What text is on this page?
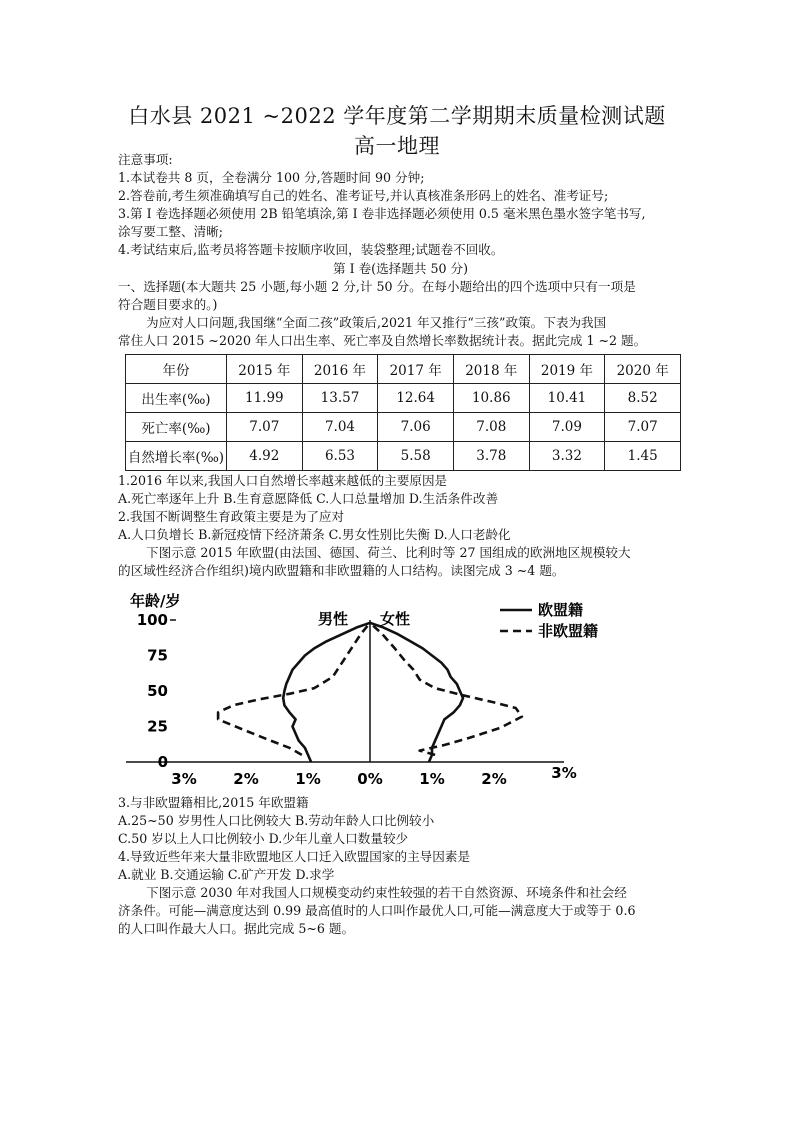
白水县 2021 ~2022 学年度第二学期期末质量检测试题
高一地理
注意事项:
1.本试卷共 8 页，全卷满分 100 分,答题时间 90 分钟;
2.答卷前,考生须准确填写自己的姓名、准考证号,并认真核准条形码上的姓名、准考证号;
3.第 Ⅰ 卷选择题必须使用 2B 铅笔填涂,第 Ⅰ 卷非选择题必须使用 0.5 毫米黑色墨水签字笔书写,
涂写要工整、清晰;
4.考试结束后,监考员将答题卡按顺序收回，装袋整理;试题卷不回收。
第 Ⅰ 卷(选择题共 50 分)
一、选择题(本大题共 25 小题,每小题 2 分,计 50 分。在每小题给出的四个选项中只有一项是
符合题目要求的。)
为应对人口问题,我国继“全面二孩”政策后,2021 年又推行“三孩”政策。下表为我国
常住人口 2015 ~2020 年人口出生率、死亡率及自然增长率数据统计表。据此完成 1 ~2 题。
年份	2015 年	2016 年	2017 年	2018 年	2019 年	2020 年
出生率(‰)	11.99	13.57	12.64	10.86	10.41	8.52
死亡率(‰)	7.07	7.04	7.06	7.08	7.09	7.07
自然增长率(‰)	4.92	6.53	5.58	3.78	3.32	1.45
1.2016 年以来,我国人口自然增长率越来越低的主要原因是
A.死亡率逐年上升 B.生育意愿降低 C.人口总量增加 D.生活条件改善
2.我国不断调整生育政策主要是为了应对
A.人口负增长 B.新冠疫情下经济萧条 C.男女性别比失衡 D.人口老龄化
下图示意 2015 年欧盟(由法国、德国、荷兰、比利时等 27 国组成的欧洲地区规模较大
的区域性经济合作组织)境内欧盟籍和非欧盟籍的人口结构。读图完成 3 ~4 题。
3% 2% 1% 0% 1% 2%	3%
0
25
50
75
100
年龄/岁
男性 女性	欧盟籍
非欧盟籍
3.与非欧盟籍相比,2015 年欧盟籍
A.25~50 岁男性人口比例较大 B.劳动年龄人口比例较小
C.50 岁以上人口比例较小 D.少年儿童人口数量较少
4.导致近些年来大量非欧盟地区人口迁入欧盟国家的主导因素是
A.就业 B.交通运输 C.矿产开发 D.求学
下图示意 2030 年对我国人口规模变动约束性较强的若干自然资源、环境条件和社会经
济条件。可能—满意度达到 0.99 最高值时的人口叫作最优人口,可能—满意度大于或等于 0.6
的人口叫作最大人口。据此完成 5~6 题。
